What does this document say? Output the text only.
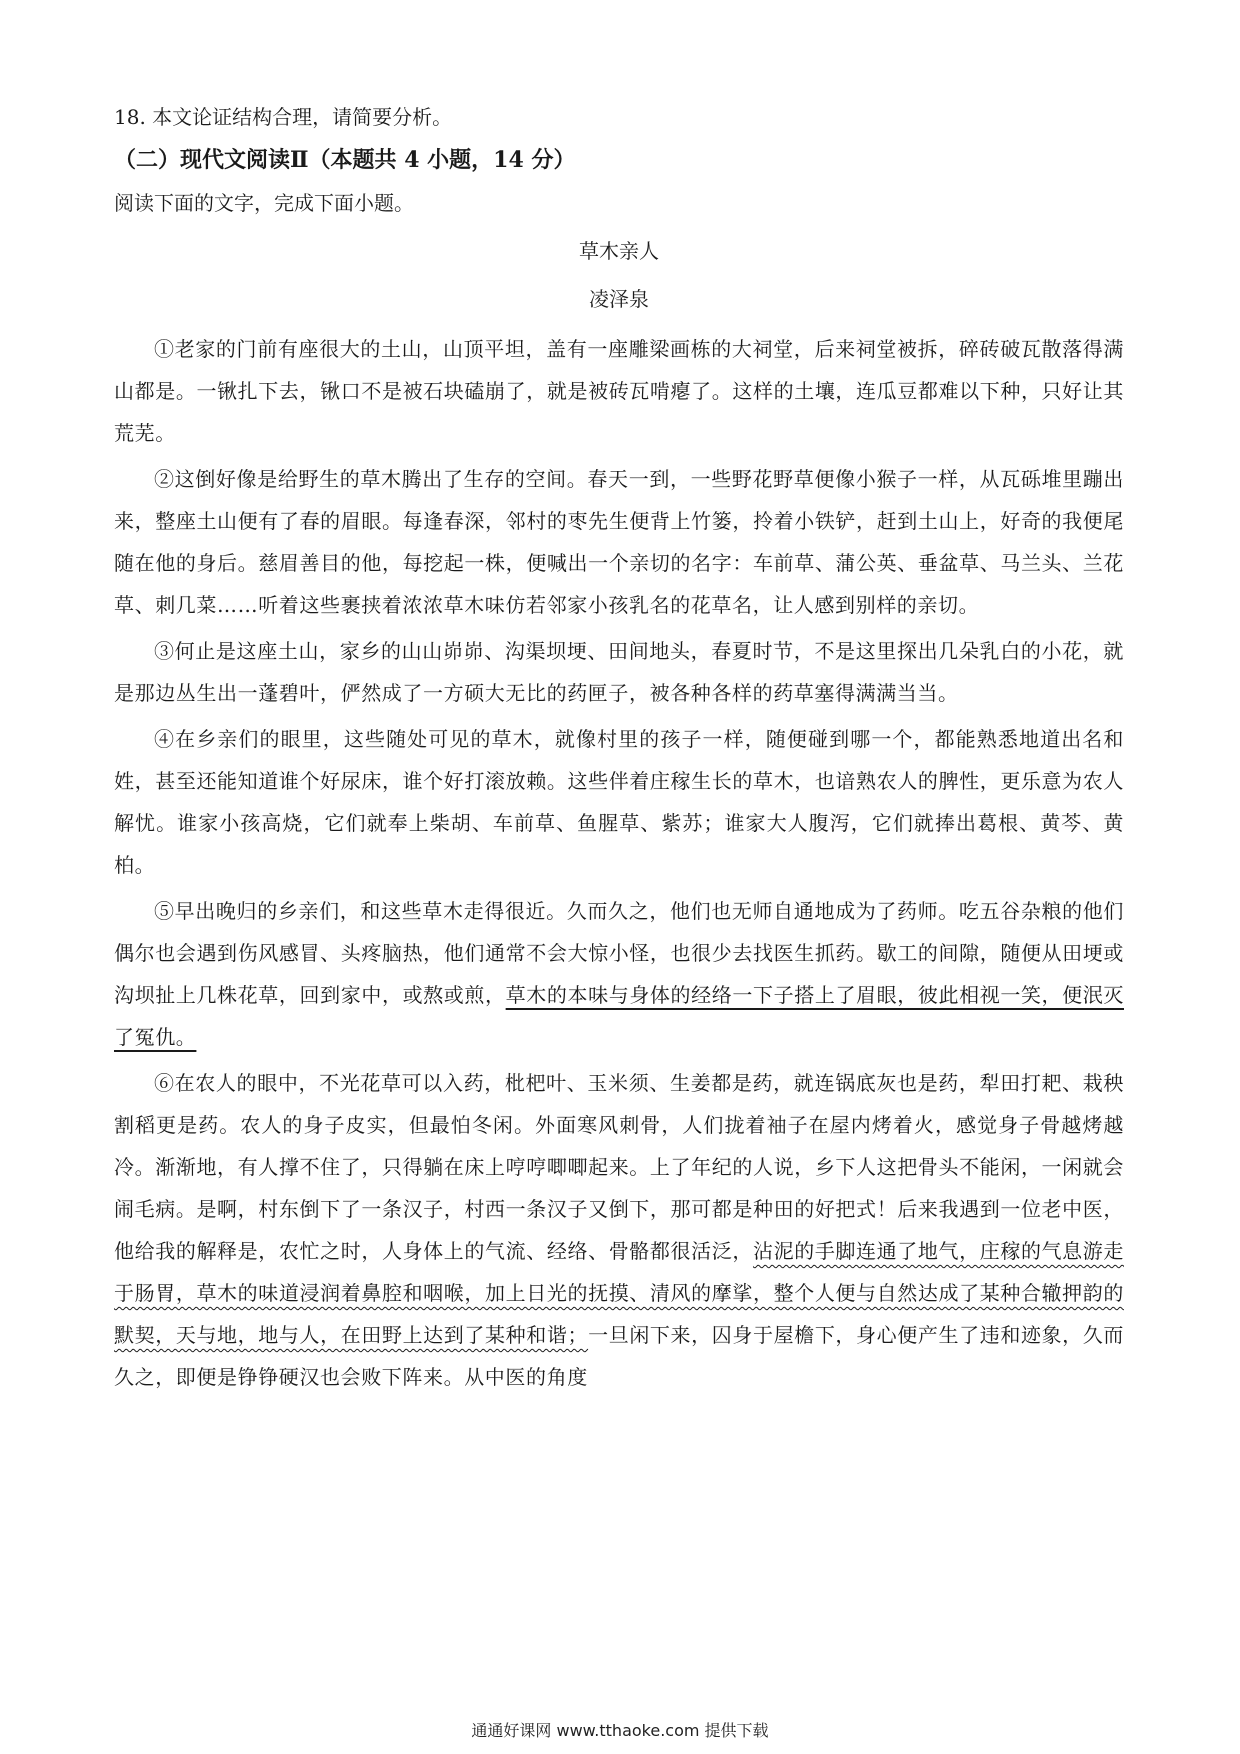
18. 本文论证结构合理，请简要分析。

（二）现代文阅读Ⅱ（本题共 4 小题，14 分）

阅读下面的文字，完成下面小题。

草木亲人

凌泽泉

①老家的门前有座很大的土山，山顶平坦，盖有一座雕梁画栋的大祠堂，后来祠堂被拆，碎砖破瓦散落得满山都是。一锹扎下去，锹口不是被石块磕崩了，就是被砖瓦啃瘪了。这样的土壤，连瓜豆都难以下种，只好让其荒芜。

②这倒好像是给野生的草木腾出了生存的空间。春天一到，一些野花野草便像小猴子一样，从瓦砾堆里蹦出来，整座土山便有了春的眉眼。每逢春深，邻村的枣先生便背上竹篓，拎着小铁铲，赶到土山上，好奇的我便尾随在他的身后。慈眉善目的他，每挖起一株，便喊出一个亲切的名字：车前草、蒲公英、垂盆草、马兰头、兰花草、刺几菜……听着这些裹挟着浓浓草木味仿若邻家小孩乳名的花草名，让人感到别样的亲切。

③何止是这座土山，家乡的山山峁峁、沟渠坝埂、田间地头，春夏时节，不是这里探出几朵乳白的小花，就是那边丛生出一蓬碧叶，俨然成了一方硕大无比的药匣子，被各种各样的药草塞得满满当当。

④在乡亲们的眼里，这些随处可见的草木，就像村里的孩子一样，随便碰到哪一个，都能熟悉地道出名和姓，甚至还能知道谁个好尿床，谁个好打滚放赖。这些伴着庄稼生长的草木，也谙熟农人的脾性，更乐意为农人解忧。谁家小孩高烧，它们就奉上柴胡、车前草、鱼腥草、紫苏；谁家大人腹泻，它们就捧出葛根、黄芩、黄柏。

⑤早出晚归的乡亲们，和这些草木走得很近。久而久之，他们也无师自通地成为了药师。吃五谷杂粮的他们偶尔也会遇到伤风感冒、头疼脑热，他们通常不会大惊小怪，也很少去找医生抓药。歇工的间隙，随便从田埂或沟坝扯上几株花草，回到家中，或熬或煎，草木的本味与身体的经络一下子搭上了眉眼，彼此相视一笑，便泯灭了冤仇。

⑥在农人的眼中，不光花草可以入药，枇杷叶、玉米须、生姜都是药，就连锅底灰也是药，犁田打耙、栽秧割稻更是药。农人的身子皮实，但最怕冬闲。外面寒风刺骨，人们拢着袖子在屋内烤着火，感觉身子骨越烤越冷。渐渐地，有人撑不住了，只得躺在床上哼哼唧唧起来。上了年纪的人说，乡下人这把骨头不能闲，一闲就会闹毛病。是啊，村东倒下了一条汉子，村西一条汉子又倒下，那可都是种田的好把式！后来我遇到一位老中医，他给我的解释是，农忙之时，人身体上的气流、经络、骨骼都很活泛，沾泥的手脚连通了地气，庄稼的气息游走于肠胃，草木的味道浸润着鼻腔和咽喉，加上日光的抚摸、清风的摩挲，整个人便与自然达成了某种合辙押韵的默契，天与地，地与人，在田野上达到了某种和谐；一旦闲下来，囚身于屋檐下，身心便产生了违和迹象，久而久之，即便是铮铮硬汉也会败下阵来。从中医的角度

通通好课网 www.tthaoke.com 提供下载
